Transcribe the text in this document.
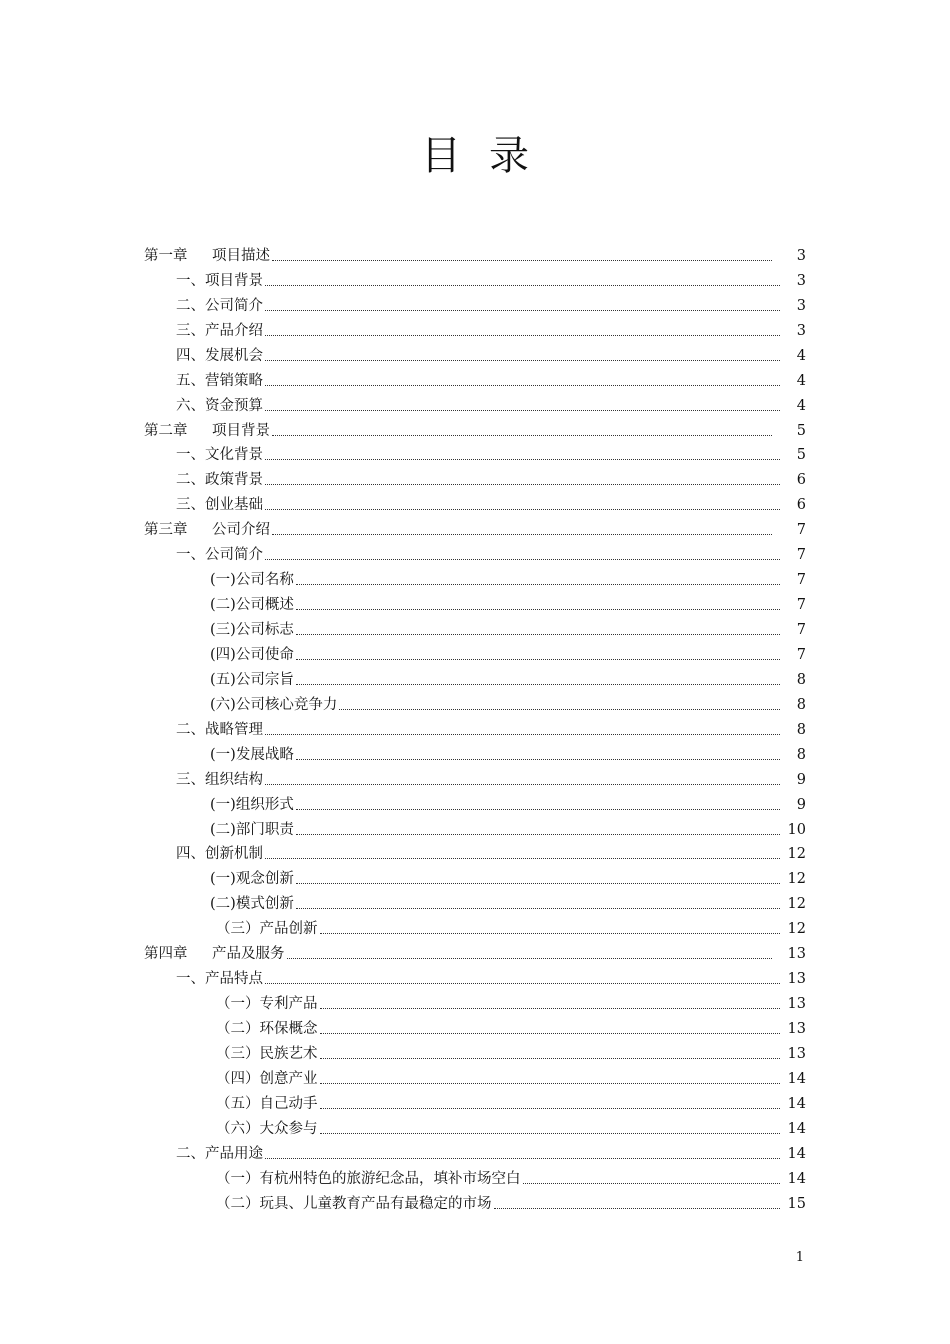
目录
第一章 项目描述	3
一、项目背景	3
二、公司简介	3
三、产品介绍	3
四、发展机会	4
五、营销策略	4
六、资金预算	4
第二章 项目背景	5
一、文化背景	5
二、政策背景	6
三、创业基础	6
第三章 公司介绍	7
一、公司简介	7
(一)公司名称	7
(二)公司概述	7
(三)公司标志	7
(四)公司使命	7
(五)公司宗旨	8
(六)公司核心竞争力	8
二、战略管理	8
(一)发展战略	8
三、组织结构	9
(一)组织形式	9
(二)部门职责	10
四、创新机制	12
(一)观念创新	12
(二)模式创新	12
（三）产品创新	12
第四章 产品及服务	13
一、产品特点	13
（一）专利产品	13
（二）环保概念	13
（三）民族艺术	13
（四）创意产业	14
（五）自己动手	14
（六）大众参与	14
二、产品用途	14
（一）有杭州特色的旅游纪念品，填补市场空白	14
（二）玩具、儿童教育产品有最稳定的市场	15
1
